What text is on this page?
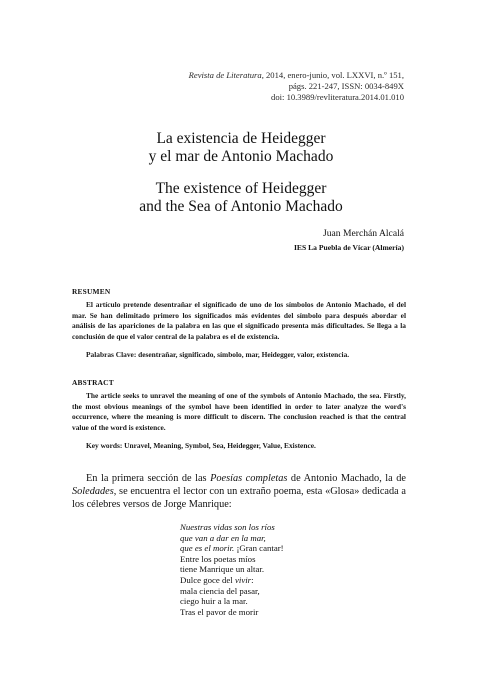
Revista de Literatura, 2014, enero-junio, vol. LXXVI, n.º 151,
págs. 221-247, ISSN: 0034-849X
doi: 10.3989/revliteratura.2014.01.010
La existencia de Heidegger
y el mar de Antonio Machado
The existence of Heidegger
and the Sea of Antonio Machado
Juan Merchán Alcalá
IES La Puebla de Vícar (Almería)
RESUMEN

El artículo pretende desentrañar el significado de uno de los símbolos de Antonio Machado, el del mar. Se han delimitado primero los significados más evidentes del símbolo para después abordar el análisis de las apariciones de la palabra en las que el significado presenta más dificultades. Se llega a la conclusión de que el valor central de la palabra es el de existencia.

Palabras Clave: desentrañar, significado, símbolo, mar, Heidegger, valor, existencia.

ABSTRACT

The article seeks to unravel the meaning of one of the symbols of Antonio Machado, the sea. Firstly, the most obvious meanings of the symbol have been identified in order to later analyze the word's occurrence, where the meaning is more difficult to discern. The conclusion reached is that the central value of the word is existence.

Key words: Unravel, Meaning, Symbol, Sea, Heidegger, Value, Existence.

En la primera sección de las Poesías completas de Antonio Machado, la de Soledades, se encuentra el lector con un extraño poema, esta «Glosa» dedicada a los célebres versos de Jorge Manrique:

Nuestras vidas son los ríos
que van a dar en la mar,
que es el morir. ¡Gran cantar!
Entre los poetas míos
tiene Manrique un altar.
Dulce goce del vivir:
mala ciencia del pasar,
ciego huir a la mar.
Tras el pavor de morir
